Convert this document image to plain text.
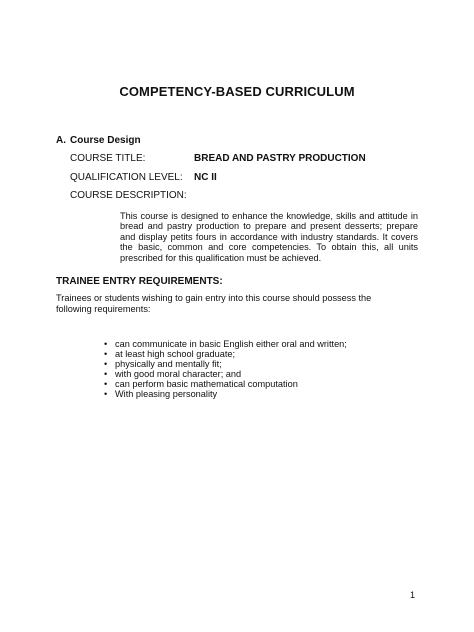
COMPETENCY-BASED CURRICULUM
A. Course Design
COURSE TITLE:	BREAD AND PASTRY PRODUCTION
QUALIFICATION LEVEL: NC II
COURSE DESCRIPTION:
This course is designed to enhance the knowledge, skills and attitude in bread and pastry production to prepare and present desserts; prepare and display petits fours in accordance with industry standards. It covers the basic, common and core competencies. To obtain this, all units prescribed for this qualification must be achieved.
TRAINEE ENTRY REQUIREMENTS:
Trainees or students wishing to gain entry into this course should possess the following requirements:
• can communicate in basic English either oral and written;
• at least high school graduate;
• physically and mentally fit;
• with good moral character; and
• can perform basic mathematical computation
• With pleasing personality
1
